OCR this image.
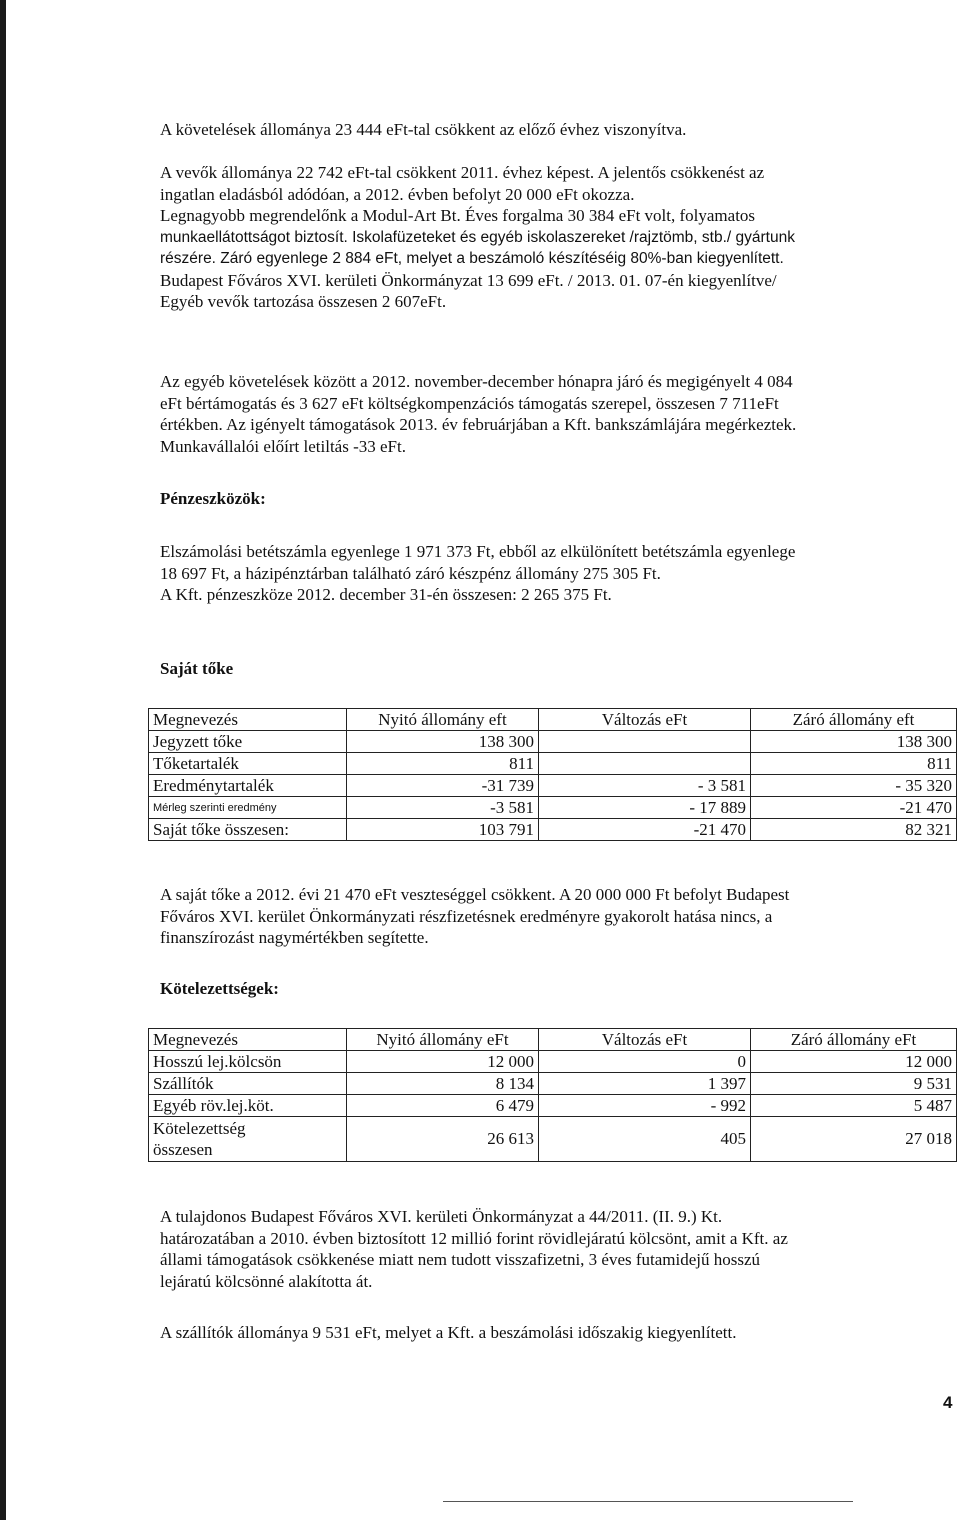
A követelések állománya 23 444 eFt-tal csökkent az előző évhez viszonyítva.

A vevők állománya 22 742 eFt-tal csökkent 2011. évhez képest. A jelentős csökkenést az
ingatlan eladásból adódóan, a 2012. évben befolyt 20 000 eFt okozza.
Legnagyobb megrendelőnk a Modul-Art Bt. Éves forgalma 30 384 eFt volt, folyamatos
munkaellátottságot biztosít. Iskolafüzeteket és egyéb iskolaszereket /rajztömb, stb./ gyártunk
részére. Záró egyenlege 2 884 eFt, melyet a beszámoló készítéséig 80%-ban kiegyenlített.
Budapest Főváros XVI. kerületi Önkormányzat 13 699 eFt. / 2013. 01. 07-én kiegyenlítve/
Egyéb vevők tartozása összesen 2 607eFt.

Az egyéb követelések között a 2012. november-december hónapra járó és megigényelt 4 084
eFt bértámogatás és 3 627 eFt költségkompenzációs támogatás szerepel, összesen 7 711eFt
értékben. Az igényelt támogatások 2013. év februárjában a Kft. bankszámlájára megérkeztek.
Munkavállalói előírt letiltás -33 eFt.

Pénzeszközök:

Elszámolási betétszámla egyenlege 1 971 373 Ft, ebből az elkülönített betétszámla egyenlege
18 697 Ft, a házipénztárban található záró készpénz állomány 275 305 Ft.
A Kft. pénzeszköze 2012. december 31-én összesen: 2 265 375 Ft.

Saját tőke

Megnevezés	Nyitó állomány eft	Változás eFt	Záró állomány eft
Jegyzett tőke	138 300		138 300
Tőketartalék	811		811
Eredménytartalék	-31 739	- 3 581	- 35 320
Mérleg szerinti eredmény	-3 581	- 17 889	-21 470
Saját tőke összesen:	103 791	-21 470	82 321

A saját tőke a 2012. évi 21 470 eFt veszteséggel csökkent. A 20 000 000 Ft befolyt Budapest
Főváros XVI. kerület Önkormányzati részfizetésnek eredményre gyakorolt hatása nincs, a
finanszírozást nagymértékben segítette.

Kötelezettségek:

Megnevezés	Nyitó állomány eFt	Változás eFt	Záró állomány eFt
Hosszú lej.kölcsön	12 000	0	12 000
Szállítók	8 134	1 397	9 531
Egyéb röv.lej.köt.	6 479	- 992	5 487

Kötelezettség
összesen	26 613	405	27 018

A tulajdonos Budapest Főváros XVI. kerületi Önkormányzat a 44/2011. (II. 9.) Kt.
határozatában a 2010. évben biztosított 12 millió forint rövidlejáratú kölcsönt, amit a Kft. az
állami támogatások csökkenése miatt nem tudott visszafizetni, 3 éves futamidejű hosszú
lejáratú kölcsönné alakította át.

A szállítók állománya 9 531 eFt, melyet a Kft. a beszámolási időszakig kiegyenlített.

4
